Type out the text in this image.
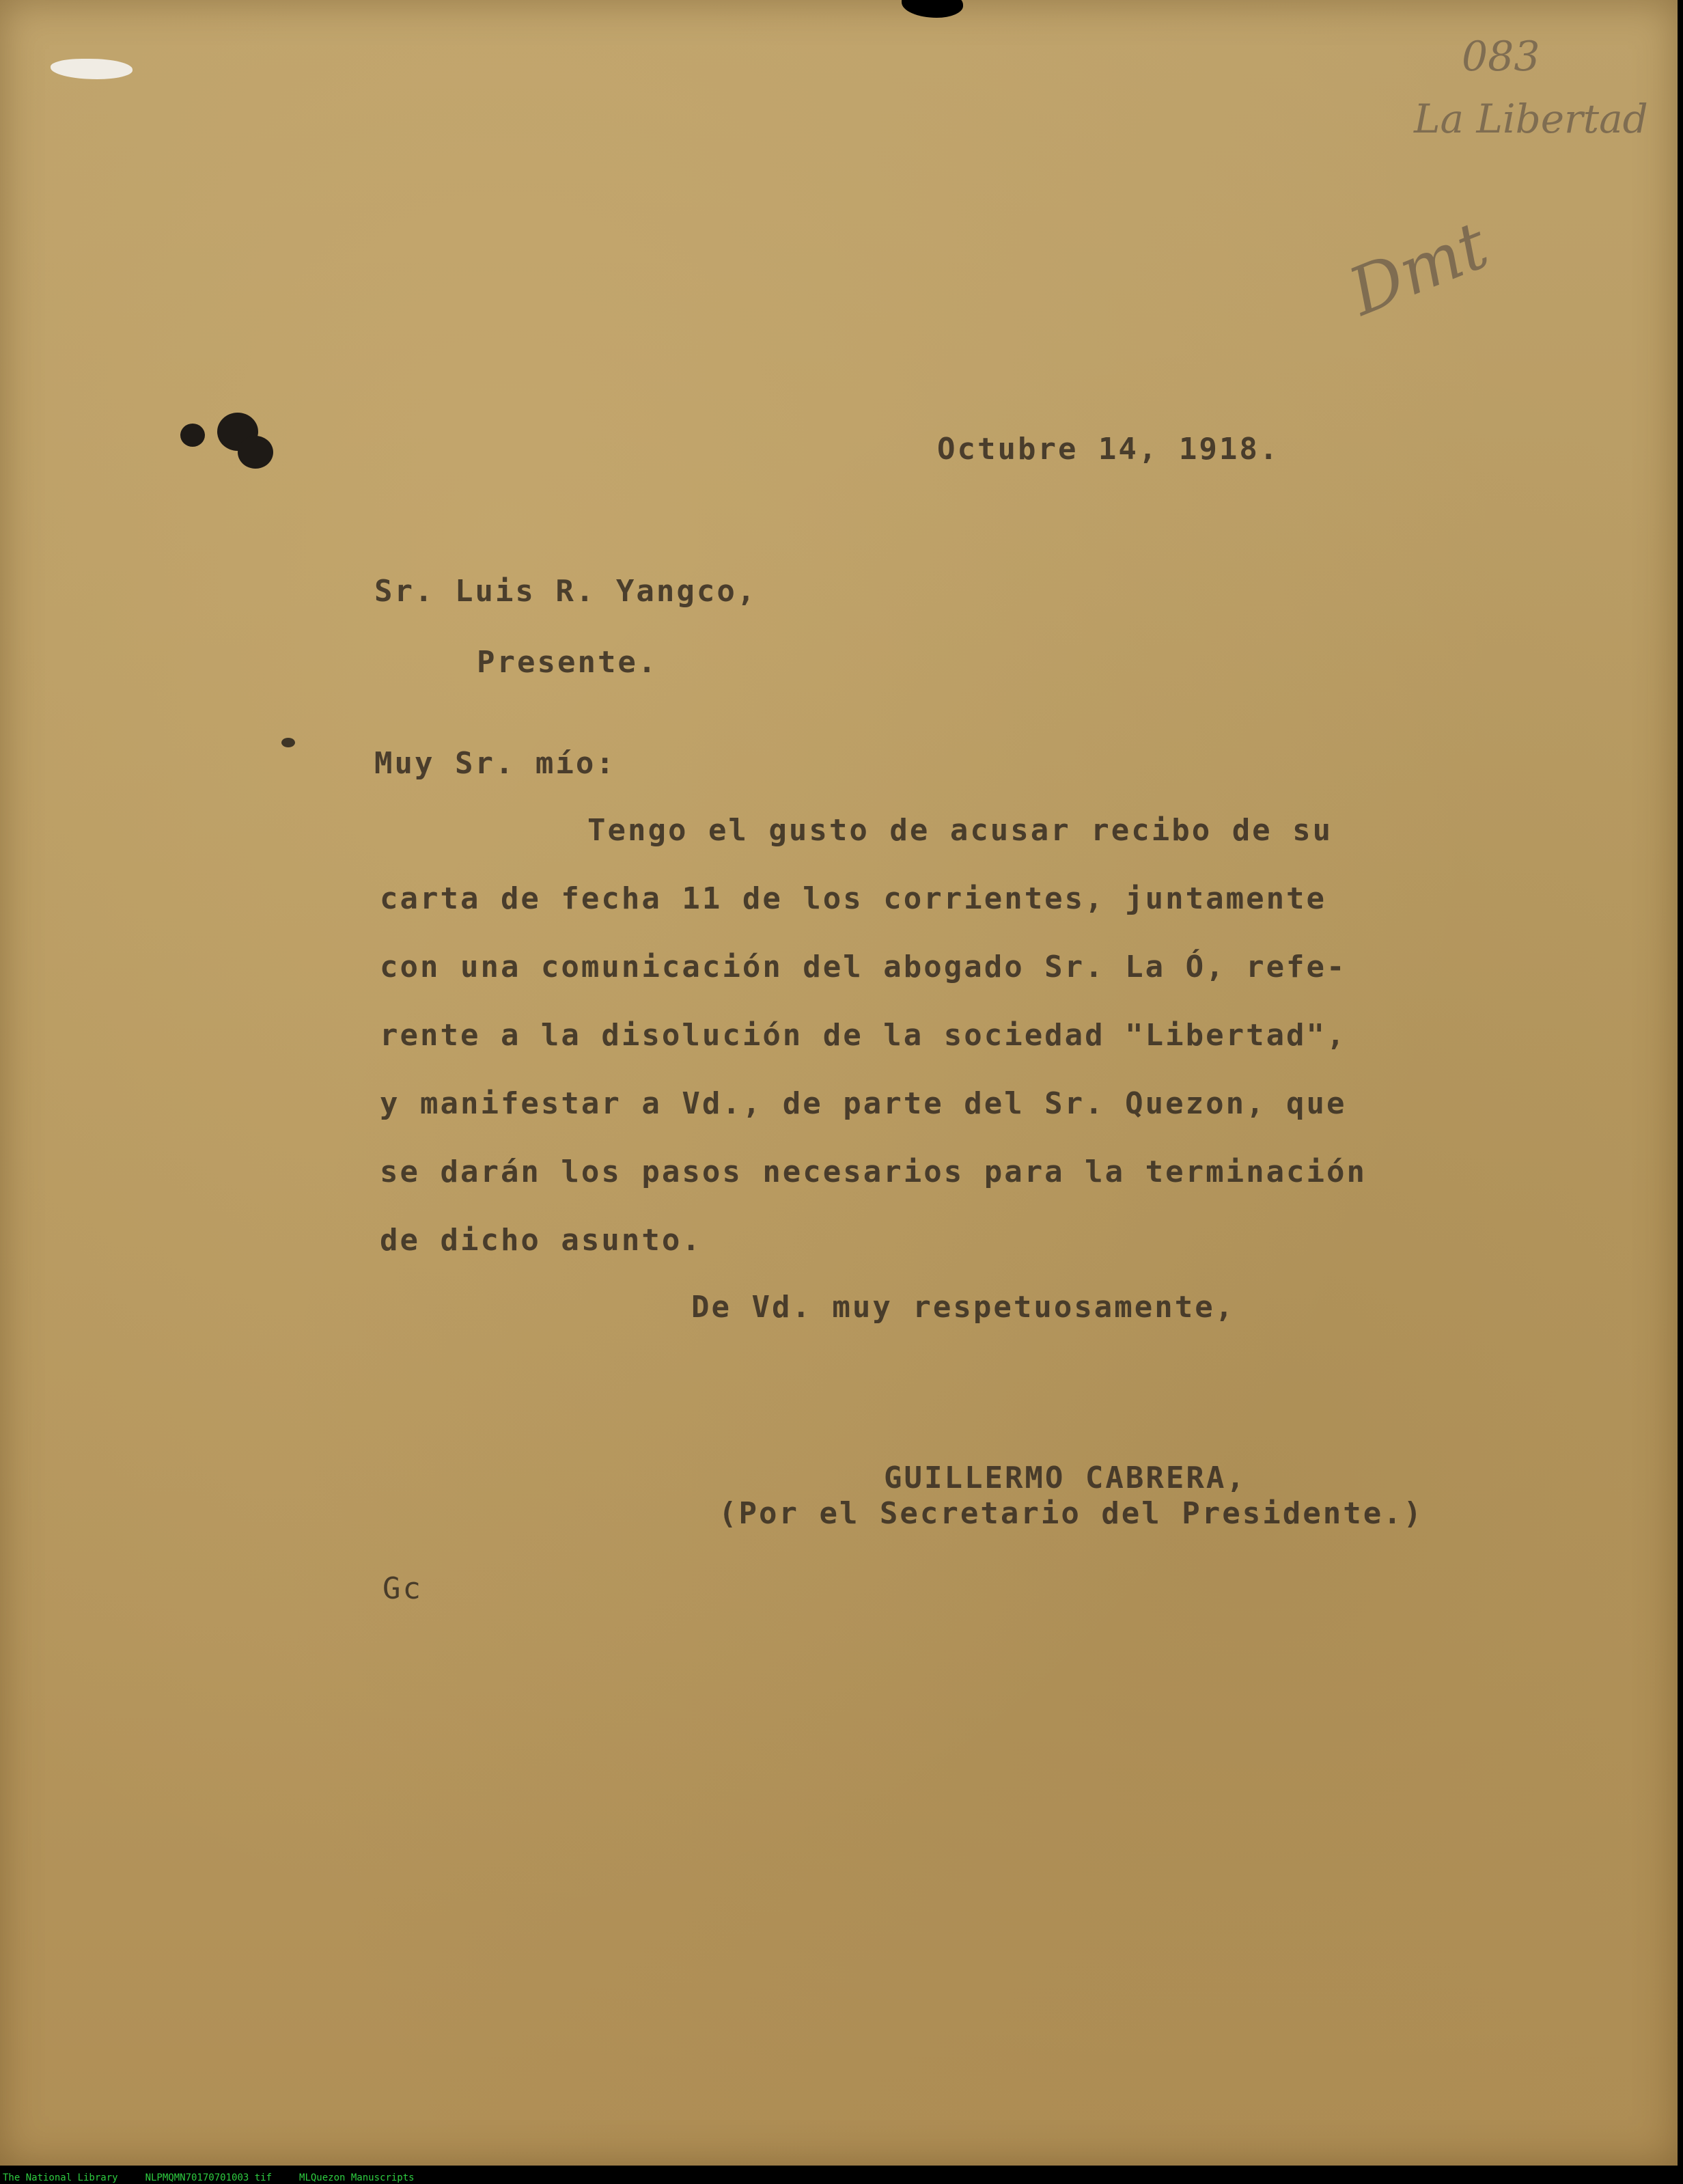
083
La Libertad
Dmt
Octubre 14, 1918.
Sr. Luis R. Yangco,
Presente.
Muy Sr. mío:
Tengo el gusto de acusar recibo de su
carta de fecha 11 de los corrientes, juntamente
con una comunicación del abogado Sr. La Ó, refe-
rente a la disolución de la sociedad "Libertad",
y manifestar a Vd., de parte del Sr. Quezon, que
se darán los pasos necesarios para la terminación
de dicho asunto.
De Vd. muy respetuosamente,
GUILLERMO CABRERA,
(Por el Secretario del Presidente.)
Gc
The National Library	NLPMQMN70170701003 tif	MLQuezon Manuscripts
